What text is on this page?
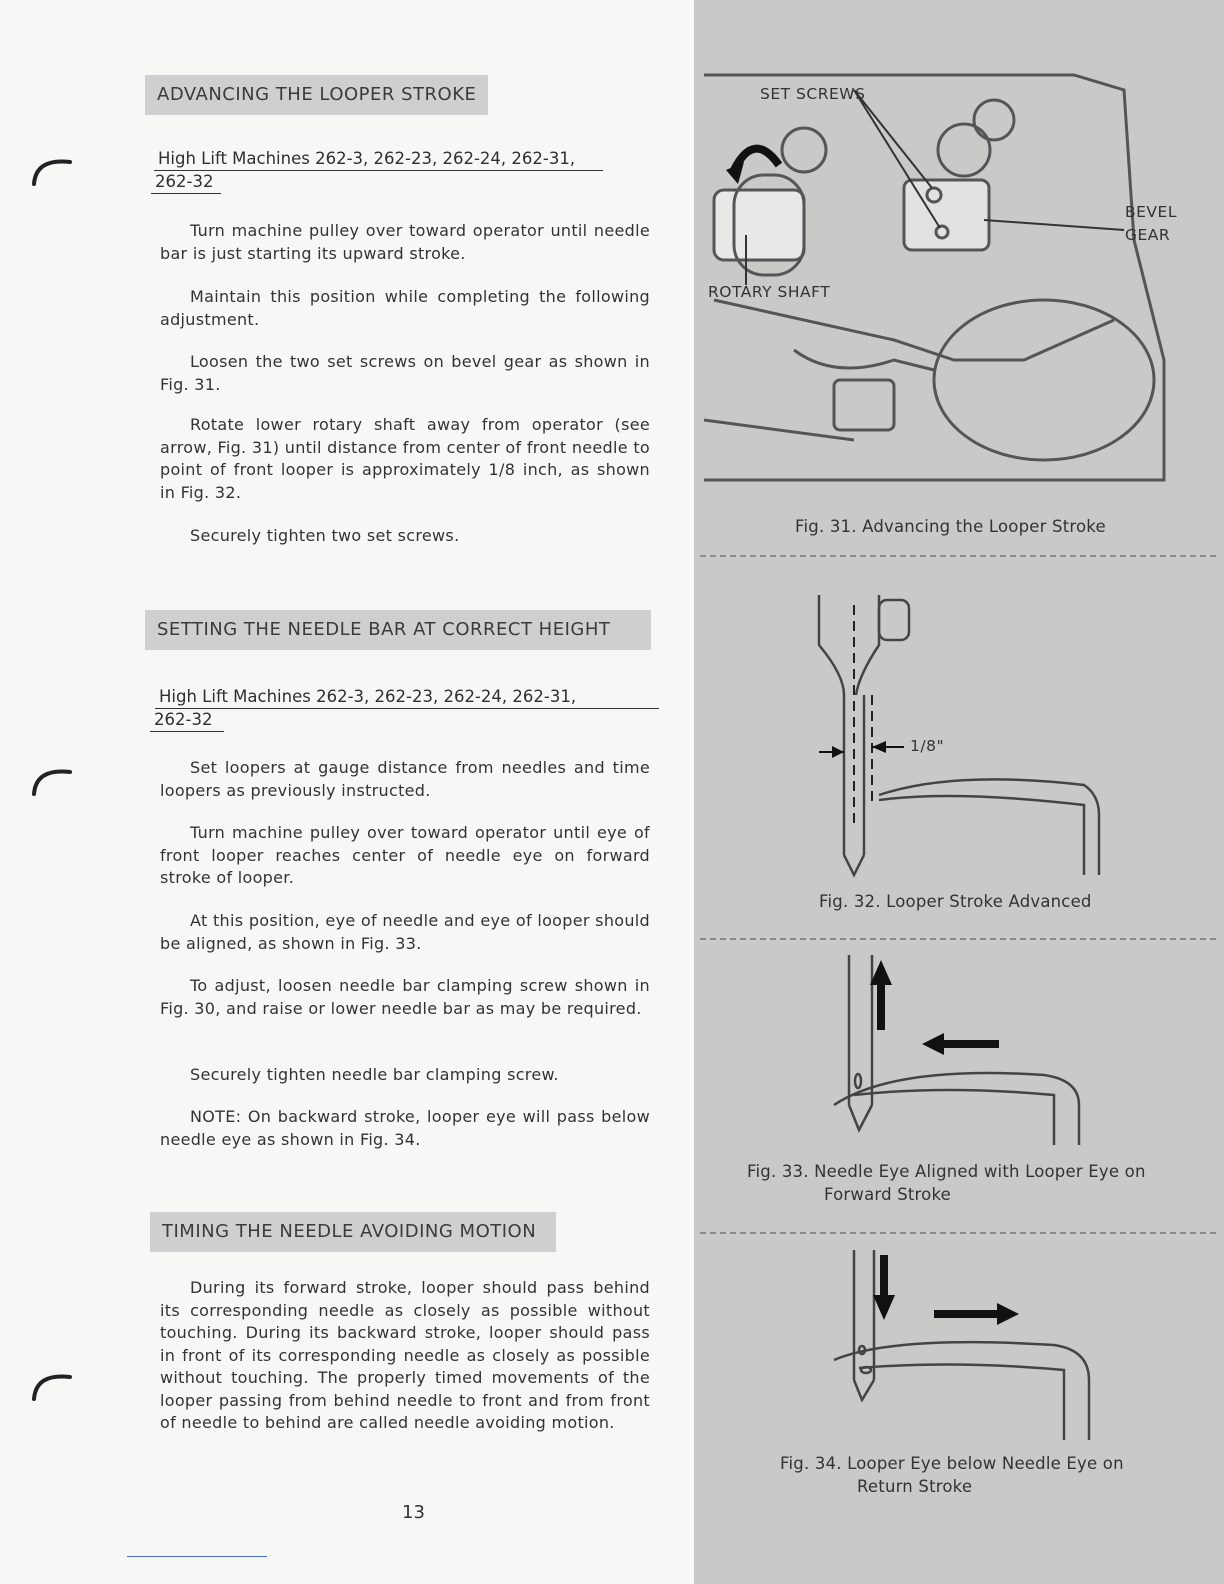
ADVANCING THE LOOPER STROKE
High Lift Machines 262-3, 262-23, 262-24, 262-31,
262-32

Turn machine pulley over toward operator until needle bar is just starting its upward stroke.

Maintain this position while completing the following adjustment.

Loosen the two set screws on bevel gear as shown in Fig. 31.

Rotate lower rotary shaft away from operator (see arrow, Fig. 31) until distance from center of front needle to point of front looper is approximately 1/8 inch, as shown in Fig. 32.

Securely tighten two set screws.

SETTING THE NEEDLE BAR AT CORRECT HEIGHT
High Lift Machines 262-3, 262-23, 262-24, 262-31,
262-32

Set loopers at gauge distance from needles and time loopers as previously instructed.

Turn machine pulley over toward operator until eye of front looper reaches center of needle eye on forward stroke of looper.

At this position, eye of needle and eye of looper should be aligned, as shown in Fig. 33.

To adjust, loosen needle bar clamping screw shown in Fig. 30, and raise or lower needle bar as may be required.

Securely tighten needle bar clamping screw.

NOTE: On backward stroke, looper eye will pass below needle eye as shown in Fig. 34.

TIMING THE NEEDLE AVOIDING MOTION

During its forward stroke, looper should pass behind its corresponding needle as closely as possible without touching. During its backward stroke, looper should pass in front of its corresponding needle as closely as possible without touching. The properly timed movements of the looper passing from behind needle to front and from front of needle to behind are called needle avoiding motion.

13
SET SCREWS
BEVEL
GEAR
ROTARY SHAFT
Fig. 31. Advancing the Looper Stroke
1/8"
Fig. 32. Looper Stroke Advanced
Fig. 33. Needle Eye Aligned with Looper Eye on
Forward Stroke
Fig. 34. Looper Eye below Needle Eye on
Return Stroke
